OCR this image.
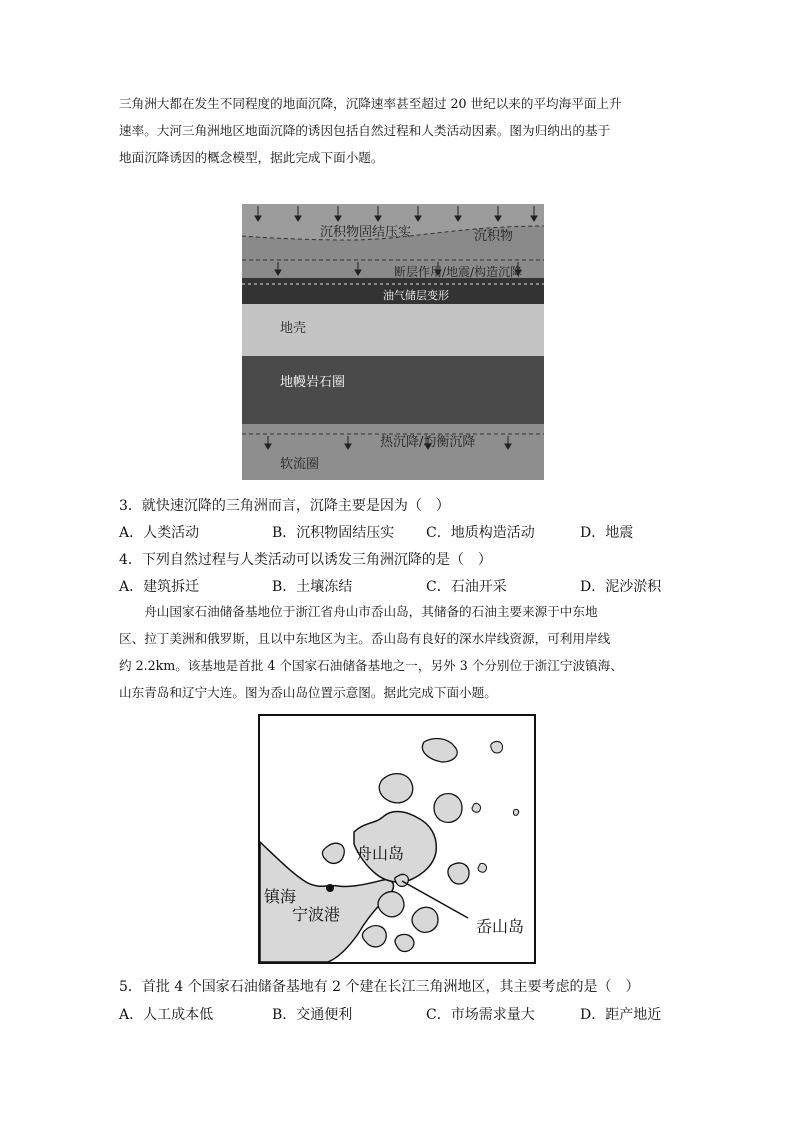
三角洲大都在发生不同程度的地面沉降，沉降速率甚至超过 20 世纪以来的平均海平面上升
速率。大河三角洲地区地面沉降的诱因包括自然过程和人类活动因素。图为归纳出的基于
地面沉降诱因的概念模型，据此完成下面小题。
沉积物固结压实	沉积物
断层作用/地震/构造沉降
油气储层变形
地壳
地幔岩石圈
热沉降/均衡沉降
软流圈
3．就快速沉降的三角洲而言，沉降主要是因为（　）
A．人类活动	B．沉积物固结压实 C．地质构造活动	D．地震
4．下列自然过程与人类活动可以诱发三角洲沉降的是（　）
A．建筑拆迁	B．土壤冻结	C．石油开采	D．泥沙淤积
　　舟山国家石油储备基地位于浙江省舟山市岙山岛，其储备的石油主要来源于中东地
区、拉丁美洲和俄罗斯，且以中东地区为主。岙山岛有良好的深水岸线资源，可利用岸线
约 2.2km。该基地是首批 4 个国家石油储备基地之一，另外 3 个分别位于浙江宁波镇海、
山东青岛和辽宁大连。图为岙山岛位置示意图。据此完成下面小题。
舟山岛
镇海
宁波港
岙山岛
5．首批 4 个国家石油储备基地有 2 个建在长江三角洲地区，其主要考虑的是（　）
A．人工成本低	B．交通便利	C．市场需求量大	D．距产地近
